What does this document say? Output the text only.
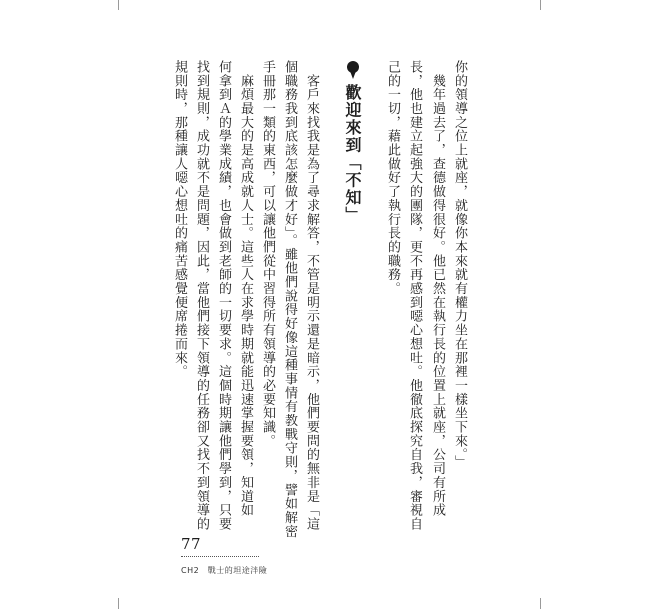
你的領導之位上就座，就像你本來就有權力坐在那裡一樣坐下來。」
　幾年過去了，查德做得很好。他已然在執行長的位置上就座，公司有所成
長，他也建立起強大的團隊，更不再感到噁心想吐。他徹底探究自我，審視自
己的一切，藉此做好了執行長的職務。
歡迎來到「不知」
　客戶來找我是為了尋求解答，不管是明示還是暗示，他們要問的無非是「這
個職務我到底該怎麼做才好」。雖他們說得好像這種事情有教戰守則，譬如解密
手冊那一類的東西，可以讓他們從中習得所有領導的必要知識。
　麻煩最大的是高成就人士。這些人在求學時期就能迅速掌握要領，知道如
何拿到Ａ的學業成績，也會做到老師的一切要求。這個時期讓他們學到，只要
找到規則，成功就不是問題，因此，當他們接下領導的任務卻又找不到領導的
規則時，那種讓人噁心想吐的痛苦感覺便席捲而來。
77
CH2　戰士的坦途泮險
